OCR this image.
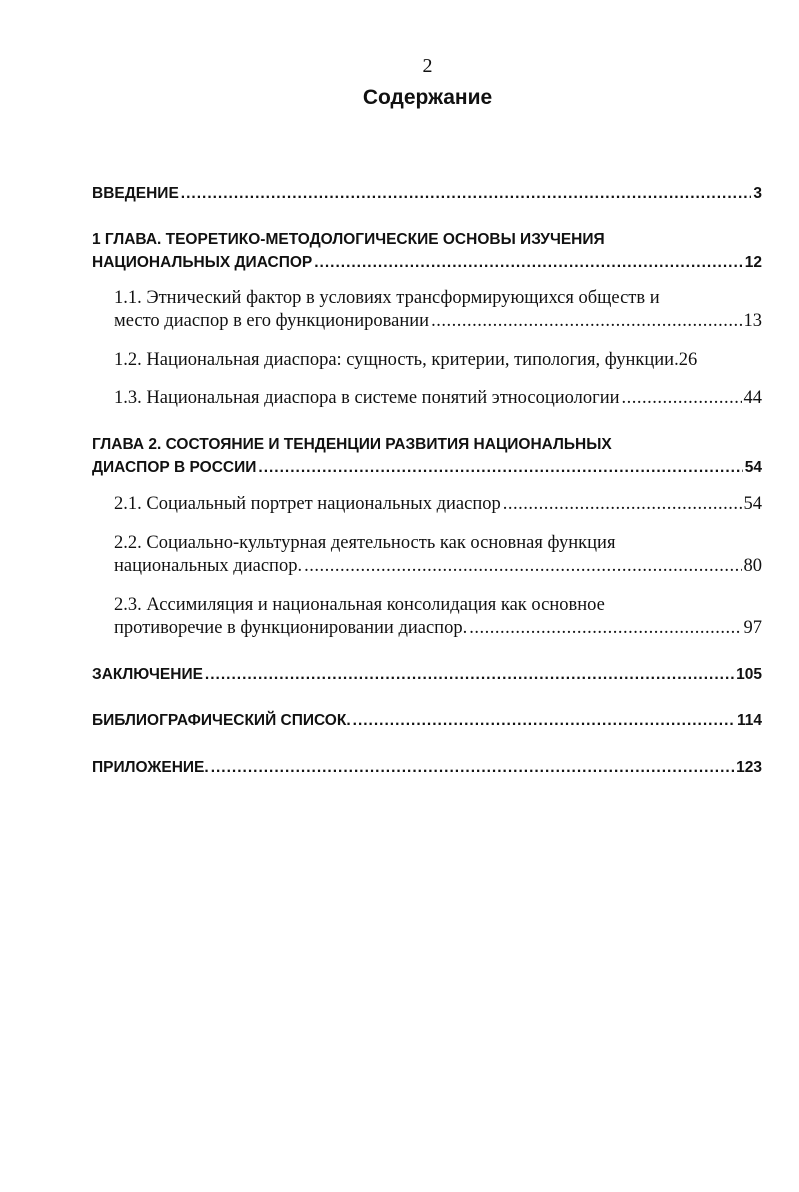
2
Содержание
ВВЕДЕНИЕ .....	3
1 ГЛАВА. ТЕОРЕТИКО-МЕТОДОЛОГИЧЕСКИЕ ОСНОВЫ ИЗУЧЕНИЯ
НАЦИОНАЛЬНЫХ ДИАСПОР .....	12
1.1. Этнический фактор в условиях трансформирующихся обществ и
место диаспор в его функционировании .....	13
1.2. Национальная диаспора: сущность, критерии, типология, функции. 26
1.3. Национальная диаспора в системе понятий этносоциологии .....	44
ГЛАВА 2. СОСТОЯНИЕ И ТЕНДЕНЦИИ РАЗВИТИЯ НАЦИОНАЛЬНЫХ
ДИАСПОР В РОССИИ .....	54
2.1. Социальный портрет национальных диаспор .....	54
2.2. Социально-культурная деятельность как основная функция
национальных диаспор. .....	80
2.3. Ассимиляция и национальная консолидация как основное
противоречие в функционировании диаспор. .....	97
ЗАКЛЮЧЕНИЕ .....	105
БИБЛИОГРАФИЧЕСКИЙ СПИСОК. .....	114
ПРИЛОЖЕНИЕ. .....	123
